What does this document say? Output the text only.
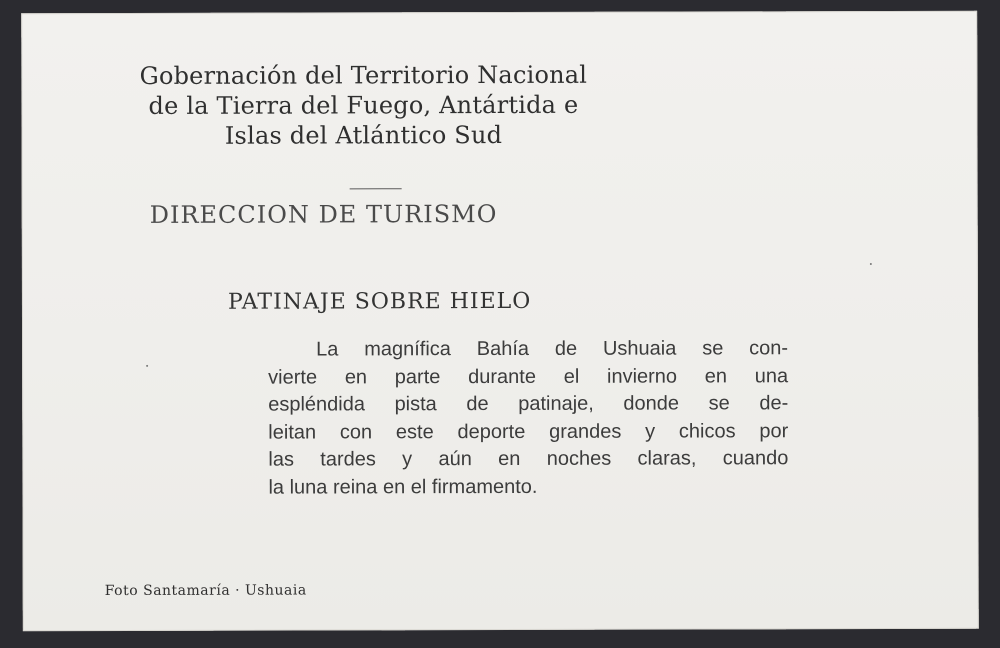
Gobernación del Territorio Nacional
de la Tierra del Fuego, Antártida e
Islas del Atlántico Sud
DIRECCION DE TURISMO
PATINAJE SOBRE HIELO
La magnífica Bahía de Ushuaia se con-
vierte en parte durante el invierno en una
espléndida pista de patinaje, donde se de-
leitan con este deporte grandes y chicos por
las tardes y aún en noches claras, cuando
la luna reina en el firmamento.
Foto Santamaría · Ushuaia
